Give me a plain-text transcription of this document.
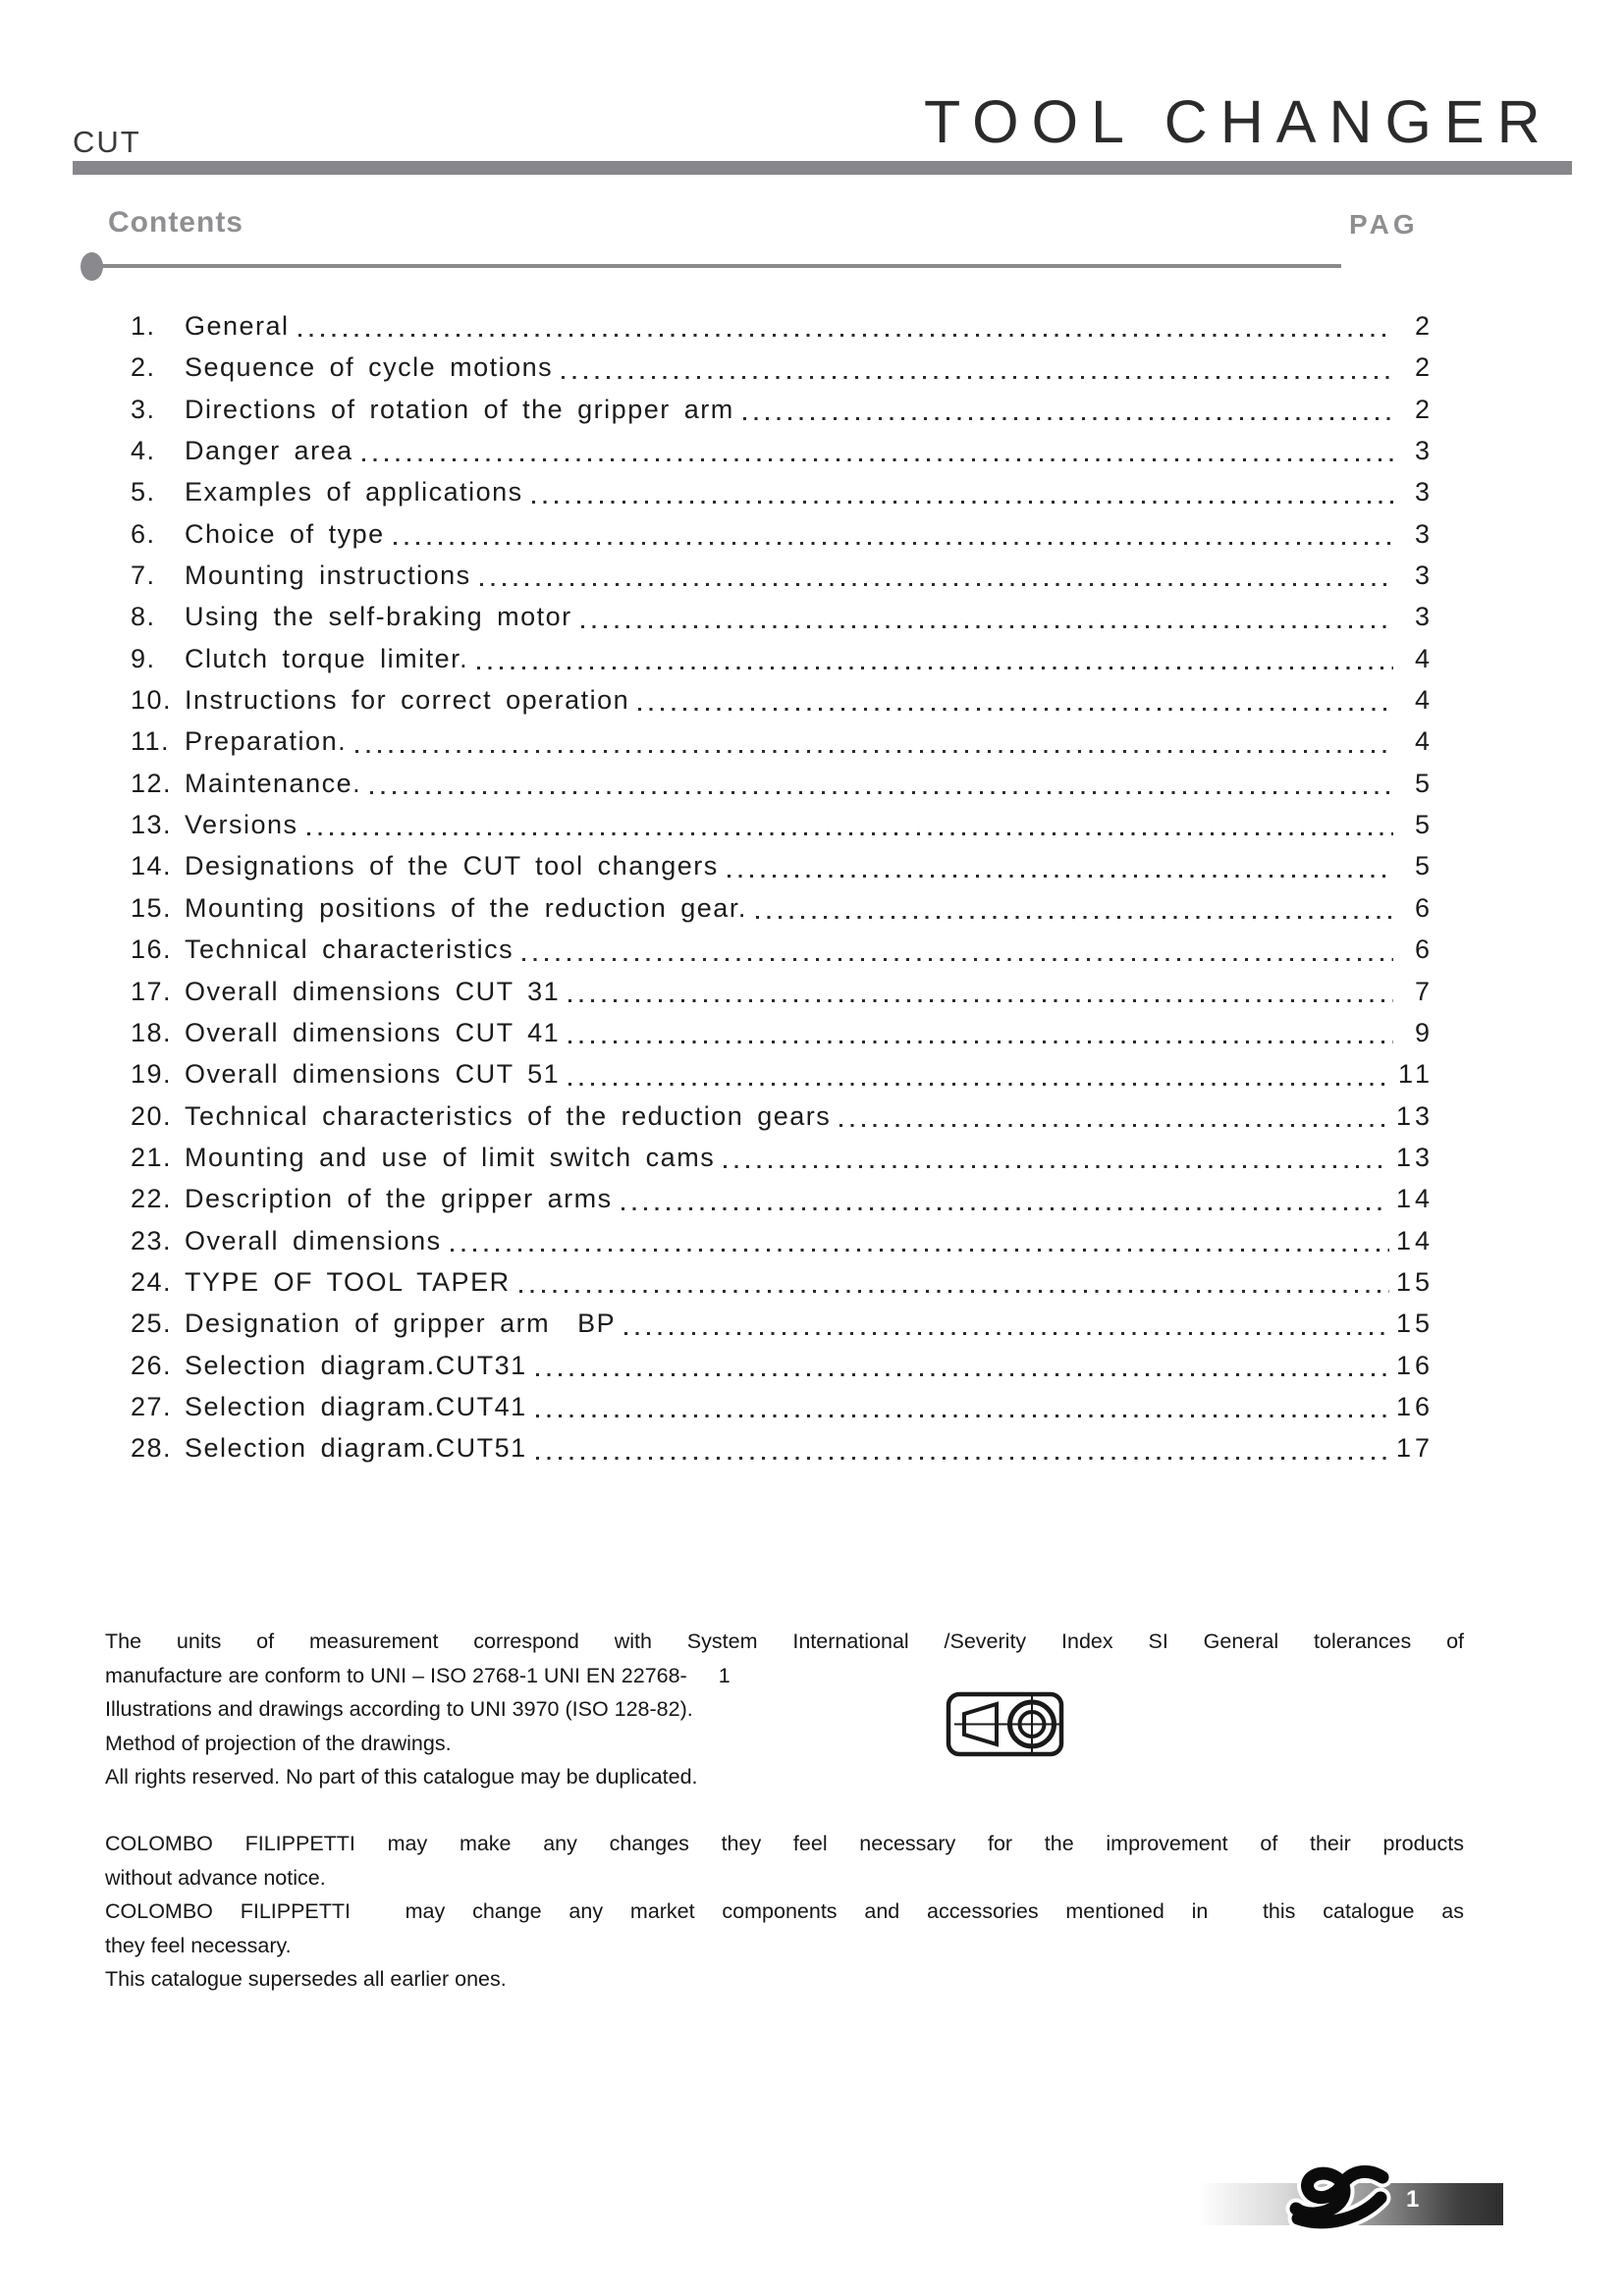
CUT	TOOL CHANGER
Contents	PAG
1.	General	2
2.	Sequence of cycle motions	2
3.	Directions of rotation of the gripper arm	2
4.	Danger area	3
5.	Examples of applications	3
6.	Choice of type	3
7.	Mounting instructions	3
8.	Using the self-braking motor	3
9.	Clutch torque limiter.	4
10. Instructions for correct operation	4
11. Preparation.	4
12. Maintenance.	5
13. Versions	5
14. Designations of the CUT tool changers	5
15. Mounting positions of the reduction gear.	6
16. Technical characteristics	6
17. Overall dimensions CUT 31	7
18. Overall dimensions CUT 41	9
19. Overall dimensions CUT 51	11
20. Technical characteristics of the reduction gears	13
21. Mounting and use of limit switch cams	13
22. Description of the gripper arms	14
23. Overall dimensions	14
24. TYPE OF TOOL TAPER	15
25. Designation of gripper arm  BP	15
26. Selection diagram.CUT31	16
27. Selection diagram.CUT41	16
28. Selection diagram.CUT51	17
The units of measurement correspond with System International /Severity Index SI General tolerances of
manufacture are conform to UNI – ISO 2768-1 UNI EN 22768- 1
Illustrations and drawings according to UNI 3970 (ISO 128-82).
Method of projection of the drawings.
All rights reserved. No part of this catalogue may be duplicated.
COLOMBO FILIPPETTI may make any changes they feel necessary for the improvement of their products
without advance notice.
COLOMBO FILIPPETTI  may change any market components and accessories mentioned in  this catalogue as
they feel necessary.
This catalogue supersedes all earlier ones.
1
